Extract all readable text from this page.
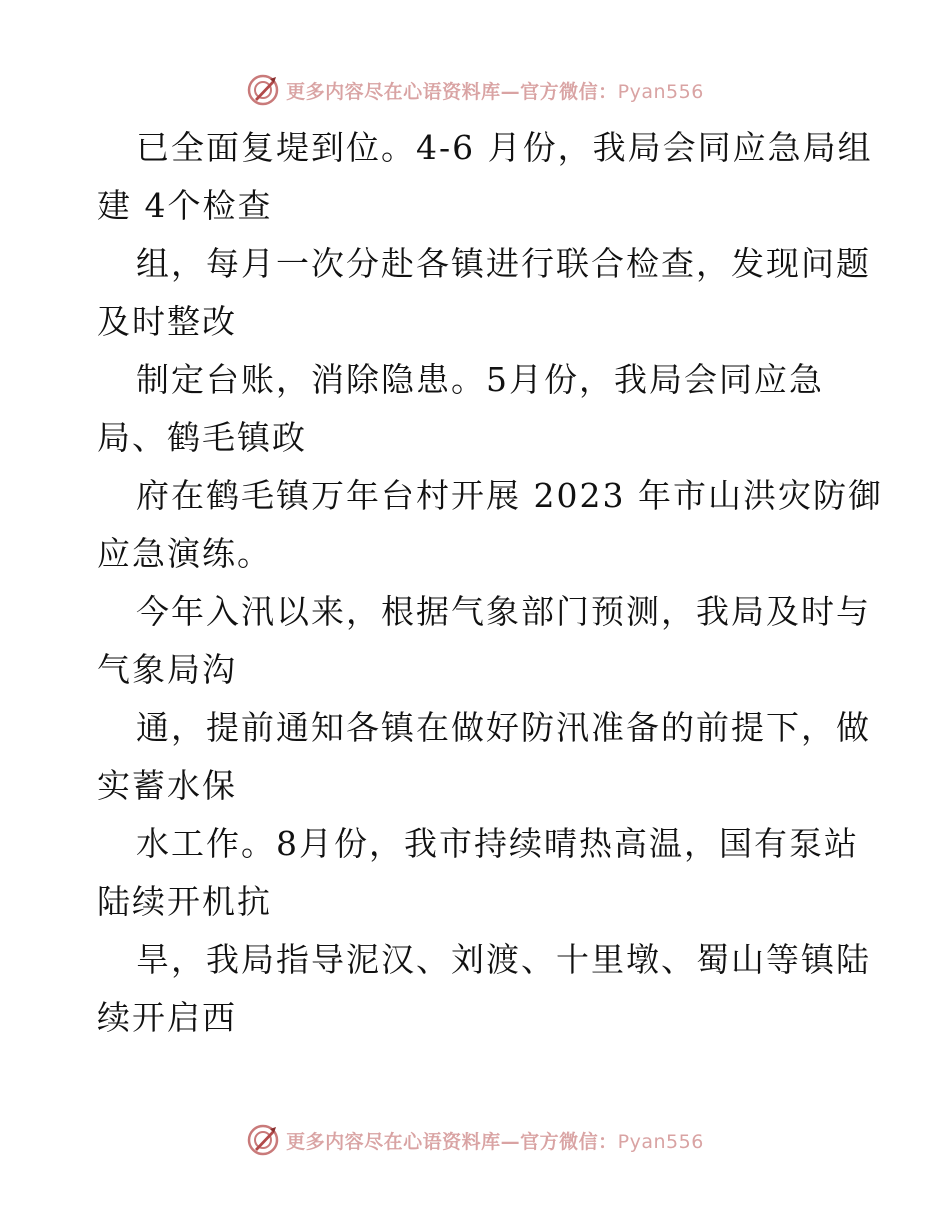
更多内容尽在心语资料库—官方微信：Pyan556
已全面复堤到位。4-6 月份，我局会同应急局组
建 4个检查
组，每月一次分赴各镇进行联合检查，发现问题
及时整改
制定台账，消除隐患。5月份，我局会同应急
局、鹤毛镇政
府在鹤毛镇万年台村开展 2023 年市山洪灾防御
应急演练。
今年入汛以来，根据气象部门预测，我局及时与
气象局沟
通，提前通知各镇在做好防汛准备的前提下，做
实蓄水保
水工作。8月份，我市持续晴热高温，国有泵站
陆续开机抗
旱，我局指导泥汉、刘渡、十里墩、蜀山等镇陆
续开启西
更多内容尽在心语资料库—官方微信：Pyan556
